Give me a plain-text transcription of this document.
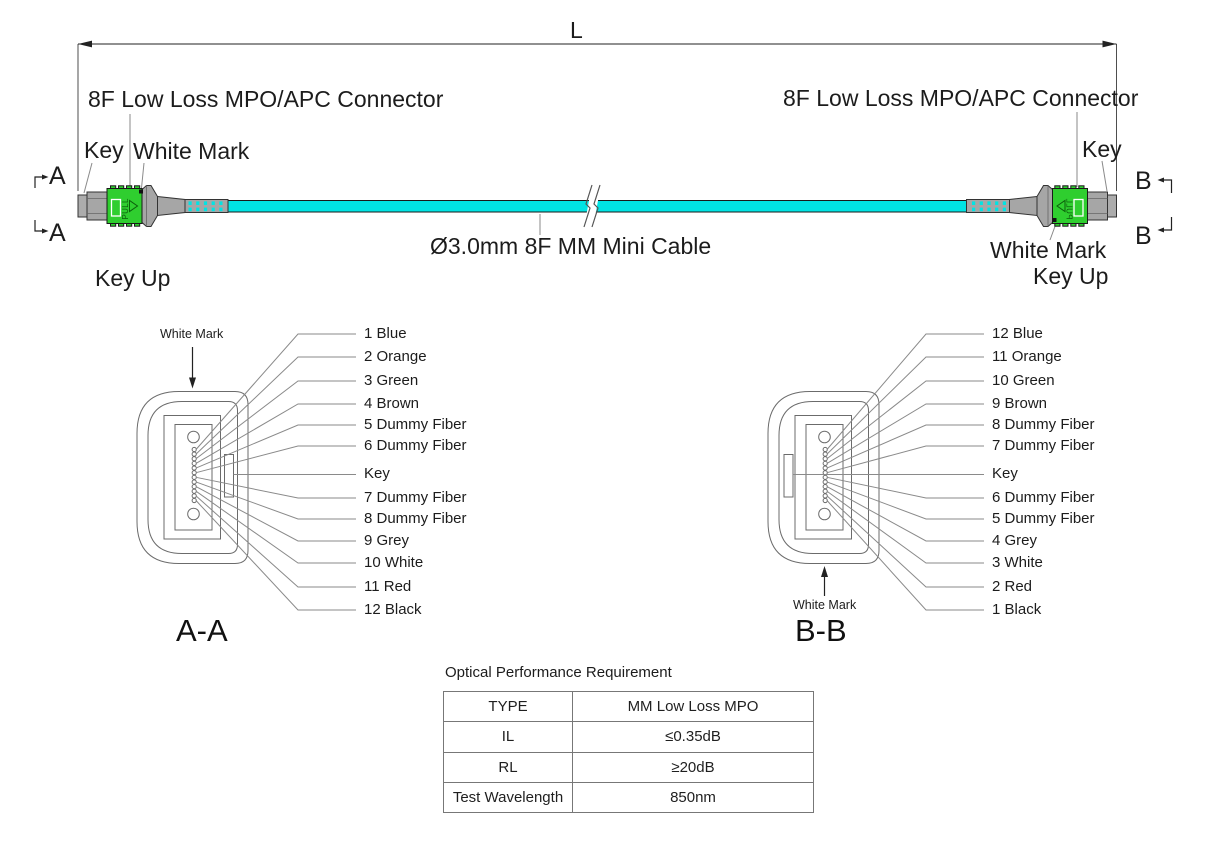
PULL
L
8F Low Loss MPO/APC Connector	8F Low Loss MPO/APC Connector
Key White Mark	Key
White Mark
Key Up	Key Up
Ø3.0mm 8F MM Mini Cable
A
A
B
B
White Mark
White Mark
A-A	B-B
Optical Performance Requirement
TYPE	MM Low Loss MPO
IL	≤0.35dB
RL	≥20dB
Test Wavelength	850nm
1 Blue
2 Orange
3 Green
4 Brown
5 Dummy Fiber
6 Dummy Fiber
Key
7 Dummy Fiber
8 Dummy Fiber
9 Grey
10 White
11 Red
12 Black
12 Blue
11 Orange
10 Green
9 Brown
8 Dummy Fiber
7 Dummy Fiber
Key
6 Dummy Fiber
5 Dummy Fiber
4 Grey
3 White
2 Red
1 Black
